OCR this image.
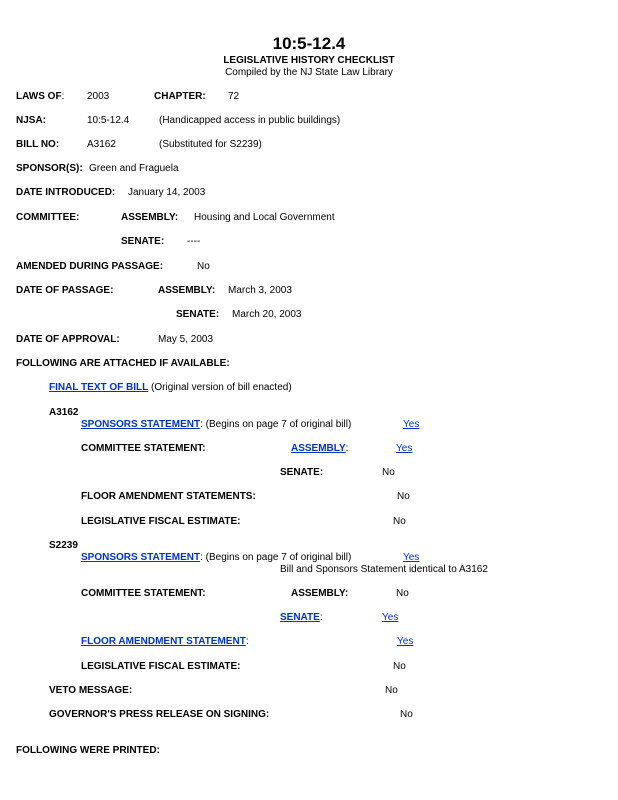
10:5-12.4
LEGISLATIVE HISTORY CHECKLIST
Compiled by the NJ State Law Library
LAWS OF: 2003	CHAPTER: 72
NJSA:	10:5-12.4	(Handicapped access in public buildings)
BILL NO:	A3162	(Substituted for S2239)
SPONSOR(S): Green and Fraguela
DATE INTRODUCED: January 14, 2003
COMMITTEE:	ASSEMBLY: Housing and Local Government
SENATE: ----
AMENDED DURING PASSAGE:	No
DATE OF PASSAGE:	ASSEMBLY: March 3, 2003
SENATE: March 20, 2003
DATE OF APPROVAL:	May 5, 2003
FOLLOWING ARE ATTACHED IF AVAILABLE:
FINAL TEXT OF BILL (Original version of bill enacted)
A3162
SPONSORS STATEMENT: (Begins on page 7 of original bill)	Yes
COMMITTEE STATEMENT:	ASSEMBLY:	Yes
SENATE:	No
FLOOR AMENDMENT STATEMENTS:	No
LEGISLATIVE FISCAL ESTIMATE:	No
S2239
SPONSORS STATEMENT: (Begins on page 7 of original bill)	Yes
Bill and Sponsors Statement identical to A3162
COMMITTEE STATEMENT:	ASSEMBLY:	No
SENATE:	Yes
FLOOR AMENDMENT STATEMENT:	Yes
LEGISLATIVE FISCAL ESTIMATE:	No
VETO MESSAGE:	No
GOVERNOR'S PRESS RELEASE ON SIGNING:	No
FOLLOWING WERE PRINTED:
